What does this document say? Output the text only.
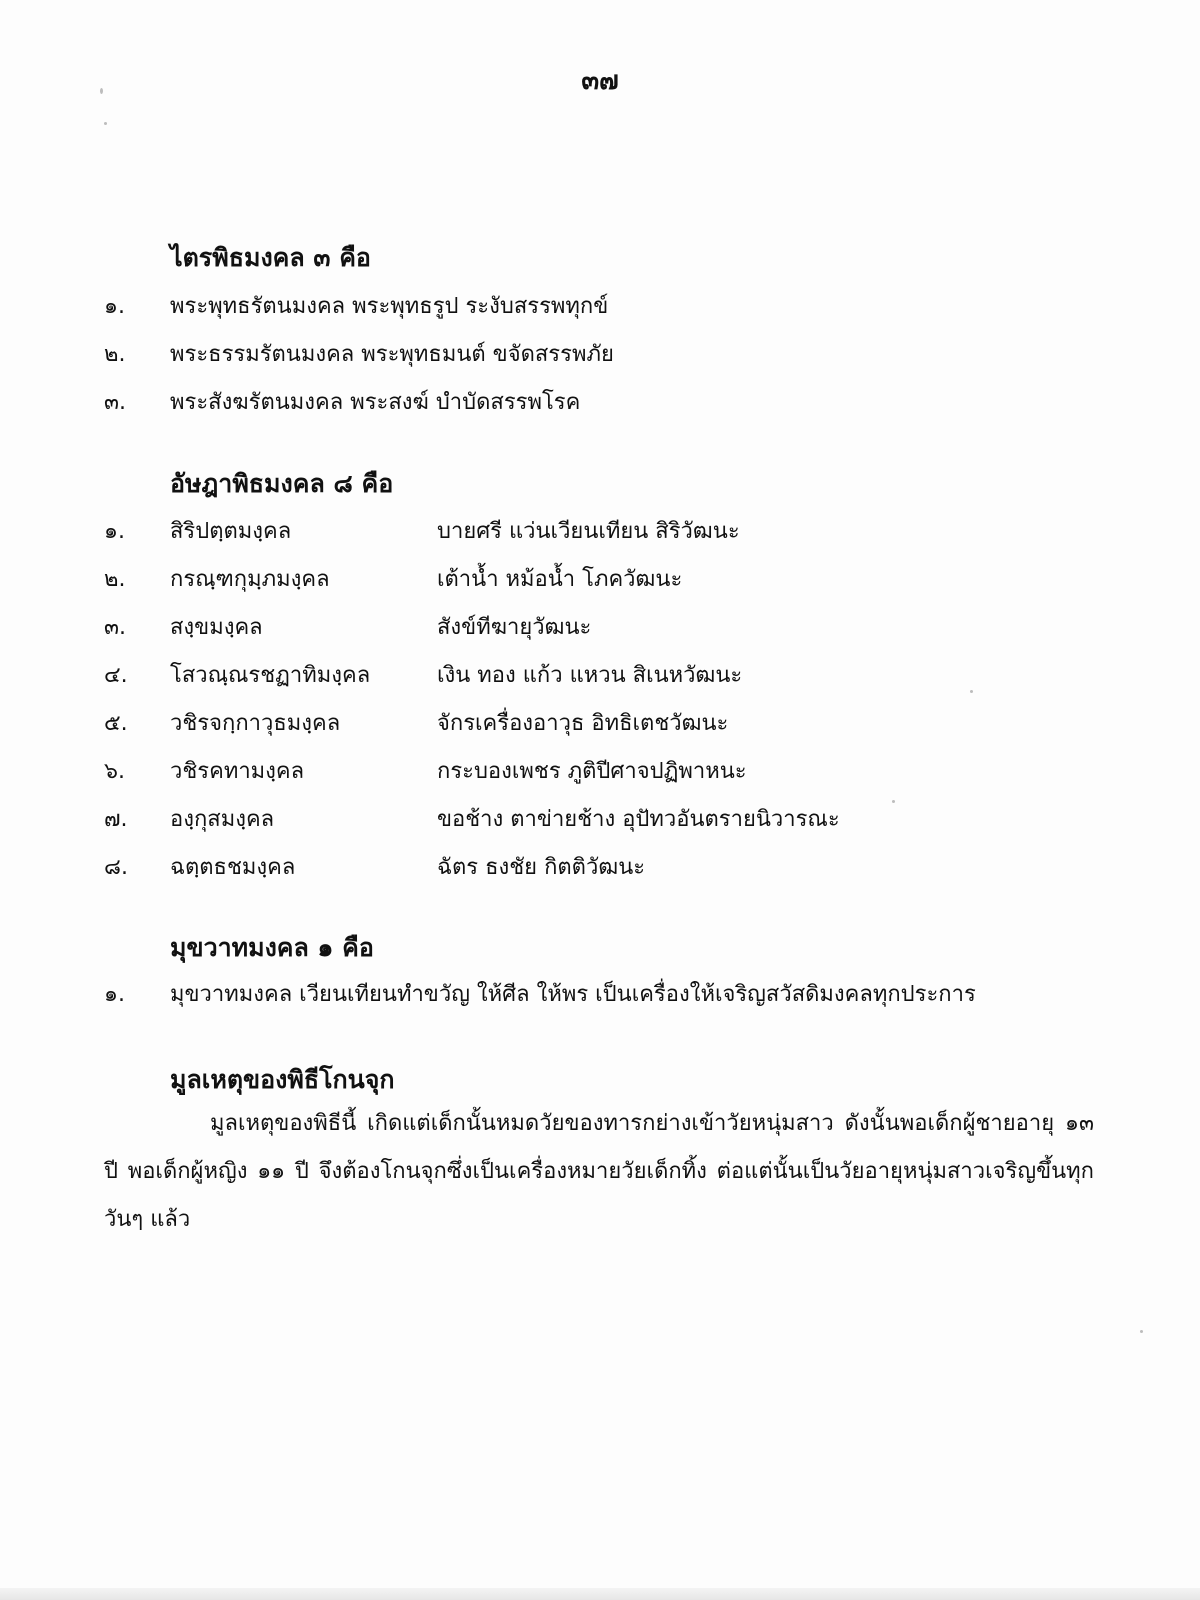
๓๗
ไตรพิธมงคล ๓ คือ
๑.	พระพุทธรัตนมงคล พระพุทธรูป ระงับสรรพทุกข์
๒.	พระธรรมรัตนมงคล พระพุทธมนต์ ขจัดสรรพภัย
๓.	พระสังฆรัตนมงคล พระสงฆ์ บำบัดสรรพโรค
อัษฎาพิธมงคล ๘ คือ
๑.	สิริปตฺตมงฺคล	บายศรี แว่นเวียนเทียน สิริวัฒนะ
๒.	กรณฺฑกุมฺภมงฺคล	เต้าน้ำ หม้อน้ำ โภควัฒนะ
๓.	สงฺขมงฺคล	สังข์ทีฆายุวัฒนะ
๔.	โสวณฺณรชฏาทิมงฺคล	เงิน ทอง แก้ว แหวน สิเนหวัฒนะ
๕.	วชิรจกฺกาวุธมงฺคล	จักรเครื่องอาวุธ อิทธิเตชวัฒนะ
๖.	วชิรคทามงฺคล	กระบองเพชร ภูติปีศาจปฏิพาหนะ
๗.	องฺกุสมงฺคล	ขอช้าง ตาข่ายช้าง อุปัทวอันตรายนิวารณะ
๘.	ฉตฺตธชมงฺคล	ฉัตร ธงชัย กิตติวัฒนะ
มุขวาทมงคล ๑ คือ
๑.	มุขวาทมงคล เวียนเทียนทำขวัญ ให้ศีล ให้พร เป็นเครื่องให้เจริญสวัสดิมงคลทุกประการ
มูลเหตุของพิธีโกนจุก
มูลเหตุของพิธีนี้ เกิดแต่เด็กนั้นหมดวัยของทารกย่างเข้าวัยหนุ่มสาว ดังนั้นพอเด็กผู้ชายอายุ ๑๓ ปี พอเด็กผู้หญิง ๑๑ ปี จึงต้องโกนจุกซึ่งเป็นเครื่องหมายวัยเด็กทิ้ง ต่อแต่นั้นเป็นวัยอายุหนุ่มสาวเจริญขึ้นทุกวันๆ แล้ว
